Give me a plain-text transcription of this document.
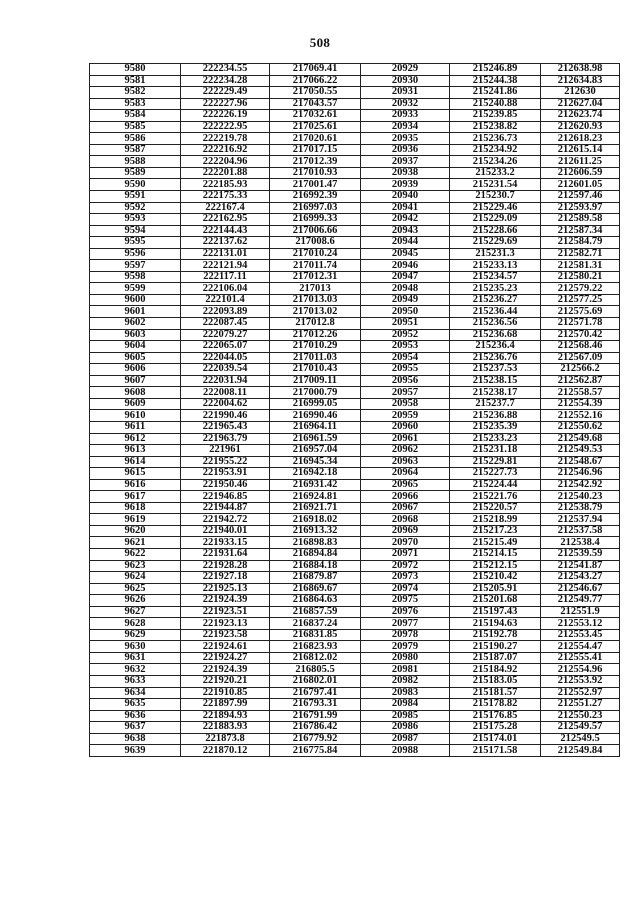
508
9580	222234.55	217069.41	20929	215246.89	212638.98
9581	222234.28	217066.22	20930	215244.38	212634.83
9582	222229.49	217050.55	20931	215241.86	212630
9583	222227.96	217043.57	20932	215240.88	212627.04
9584	222226.19	217032.61	20933	215239.85	212623.74
9585	222222.95	217025.61	20934	215238.82	212620.93
9586	222219.78	217020.61	20935	215236.73	212618.23
9587	222216.92	217017.15	20936	215234.92	212615.14
9588	222204.96	217012.39	20937	215234.26	212611.25
9589	222201.88	217010.93	20938	215233.2	212606.59
9590	222185.93	217001.47	20939	215231.54	212601.05
9591	222175.33	216992.39	20940	215230.7	212597.46
9592	222167.4	216997.03	20941	215229.46	212593.97
9593	222162.95	216999.33	20942	215229.09	212589.58
9594	222144.43	217006.66	20943	215228.66	212587.34
9595	222137.62	217008.6	20944	215229.69	212584.79
9596	222131.01	217010.24	20945	215231.3	212582.71
9597	222121.94	217011.74	20946	215233.13	212581.31
9598	222117.11	217012.31	20947	215234.57	212580.21
9599	222106.04	217013	20948	215235.23	212579.22
9600	222101.4	217013.03	20949	215236.27	212577.25
9601	222093.89	217013.02	20950	215236.44	212575.69
9602	222087.45	217012.8	20951	215236.56	212571.78
9603	222079.27	217012.26	20952	215236.68	212570.42
9604	222065.07	217010.29	20953	215236.4	212568.46
9605	222044.05	217011.03	20954	215236.76	212567.09
9606	222039.54	217010.43	20955	215237.53	212566.2
9607	222031.94	217009.11	20956	215238.15	212562.87
9608	222008.11	217000.79	20957	215238.17	212558.57
9609	222004.62	216999.05	20958	215237.7	212554.39
9610	221990.46	216990.46	20959	215236.88	212552.16
9611	221965.43	216964.11	20960	215235.39	212550.62
9612	221963.79	216961.59	20961	215233.23	212549.68
9613	221961	216957.04	20962	215231.18	212549.53
9614	221955.22	216945.34	20963	215229.81	212548.67
9615	221953.91	216942.18	20964	215227.73	212546.96
9616	221950.46	216931.42	20965	215224.44	212542.92
9617	221946.85	216924.81	20966	215221.76	212540.23
9618	221944.87	216921.71	20967	215220.57	212538.79
9619	221942.72	216918.02	20968	215218.99	212537.94
9620	221940.01	216913.32	20969	215217.23	212537.58
9621	221933.15	216898.83	20970	215215.49	212538.4
9622	221931.64	216894.84	20971	215214.15	212539.59
9623	221928.28	216884.18	20972	215212.15	212541.87
9624	221927.18	216879.87	20973	215210.42	212543.27
9625	221925.13	216869.67	20974	215205.91	212546.67
9626	221924.39	216864.63	20975	215201.68	212549.77
9627	221923.51	216857.59	20976	215197.43	212551.9
9628	221923.13	216837.24	20977	215194.63	212553.12
9629	221923.58	216831.85	20978	215192.78	212553.45
9630	221924.61	216823.93	20979	215190.27	212554.47
9631	221924.27	216812.02	20980	215187.07	212555.41
9632	221924.39	216805.5	20981	215184.92	212554.96
9633	221920.21	216802.01	20982	215183.05	212553.92
9634	221910.85	216797.41	20983	215181.57	212552.97
9635	221897.99	216793.31	20984	215178.82	212551.27
9636	221894.93	216791.99	20985	215176.85	212550.23
9637	221883.93	216786.42	20986	215175.28	212549.57
9638	221873.8	216779.92	20987	215174.01	212549.5
9639	221870.12	216775.84	20988	215171.58	212549.84
